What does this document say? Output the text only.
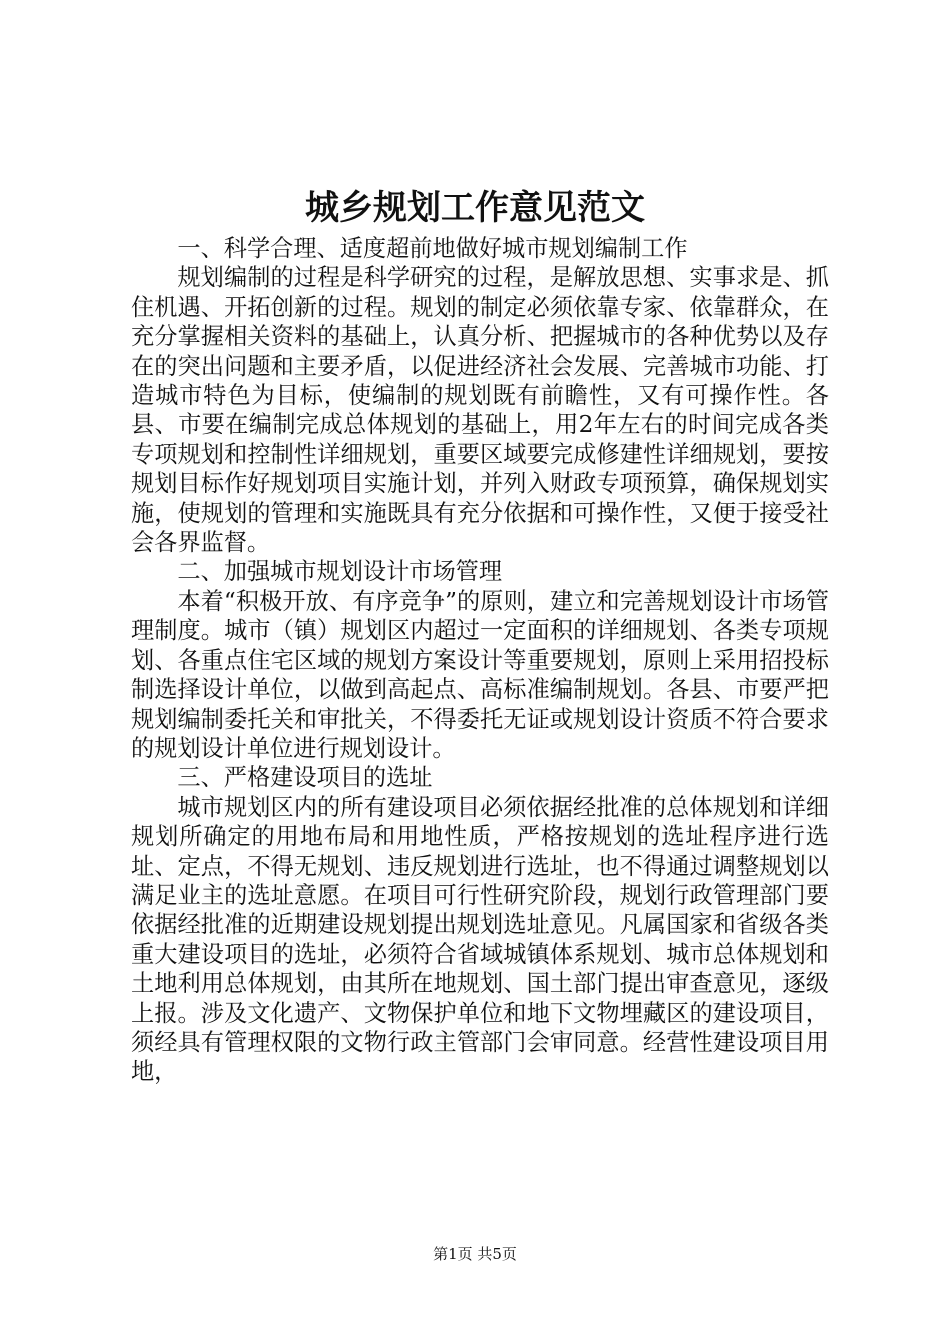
城乡规划工作意见范文

一、科学合理、适度超前地做好城市规划编制工作

规划编制的过程是科学研究的过程，是解放思想、实事求是、抓住机遇、开拓创新的过程。规划的制定必须依靠专家、依靠群众，在充分掌握相关资料的基础上，认真分析、把握城市的各种优势以及存在的突出问题和主要矛盾，以促进经济社会发展、完善城市功能、打造城市特色为目标，使编制的规划既有前瞻性，又有可操作性。各县、市要在编制完成总体规划的基础上，用2年左右的时间完成各类专项规划和控制性详细规划，重要区域要完成修建性详细规划，要按规划目标作好规划项目实施计划，并列入财政专项预算，确保规划实施，使规划的管理和实施既具有充分依据和可操作性，又便于接受社会各界监督。

二、加强城市规划设计市场管理

本着“积极开放、有序竞争”的原则，建立和完善规划设计市场管理制度。城市（镇）规划区内超过一定面积的详细规划、各类专项规划、各重点住宅区域的规划方案设计等重要规划，原则上采用招投标制选择设计单位，以做到高起点、高标准编制规划。各县、市要严把规划编制委托关和审批关，不得委托无证或规划设计资质不符合要求的规划设计单位进行规划设计。

三、严格建设项目的选址

城市规划区内的所有建设项目必须依据经批准的总体规划和详细规划所确定的用地布局和用地性质，严格按规划的选址程序进行选址、定点，不得无规划、违反规划进行选址，也不得通过调整规划以满足业主的选址意愿。在项目可行性研究阶段，规划行政管理部门要依据经批准的近期建设规划提出规划选址意见。凡属国家和省级各类重大建设项目的选址，必须符合省域城镇体系规划、城市总体规划和土地利用总体规划，由其所在地规划、国土部门提出审查意见，逐级上报。涉及文化遗产、文物保护单位和地下文物埋藏区的建设项目，须经具有管理权限的文物行政主管部门会审同意。经营性建设项目用地，

第1页 共5页
